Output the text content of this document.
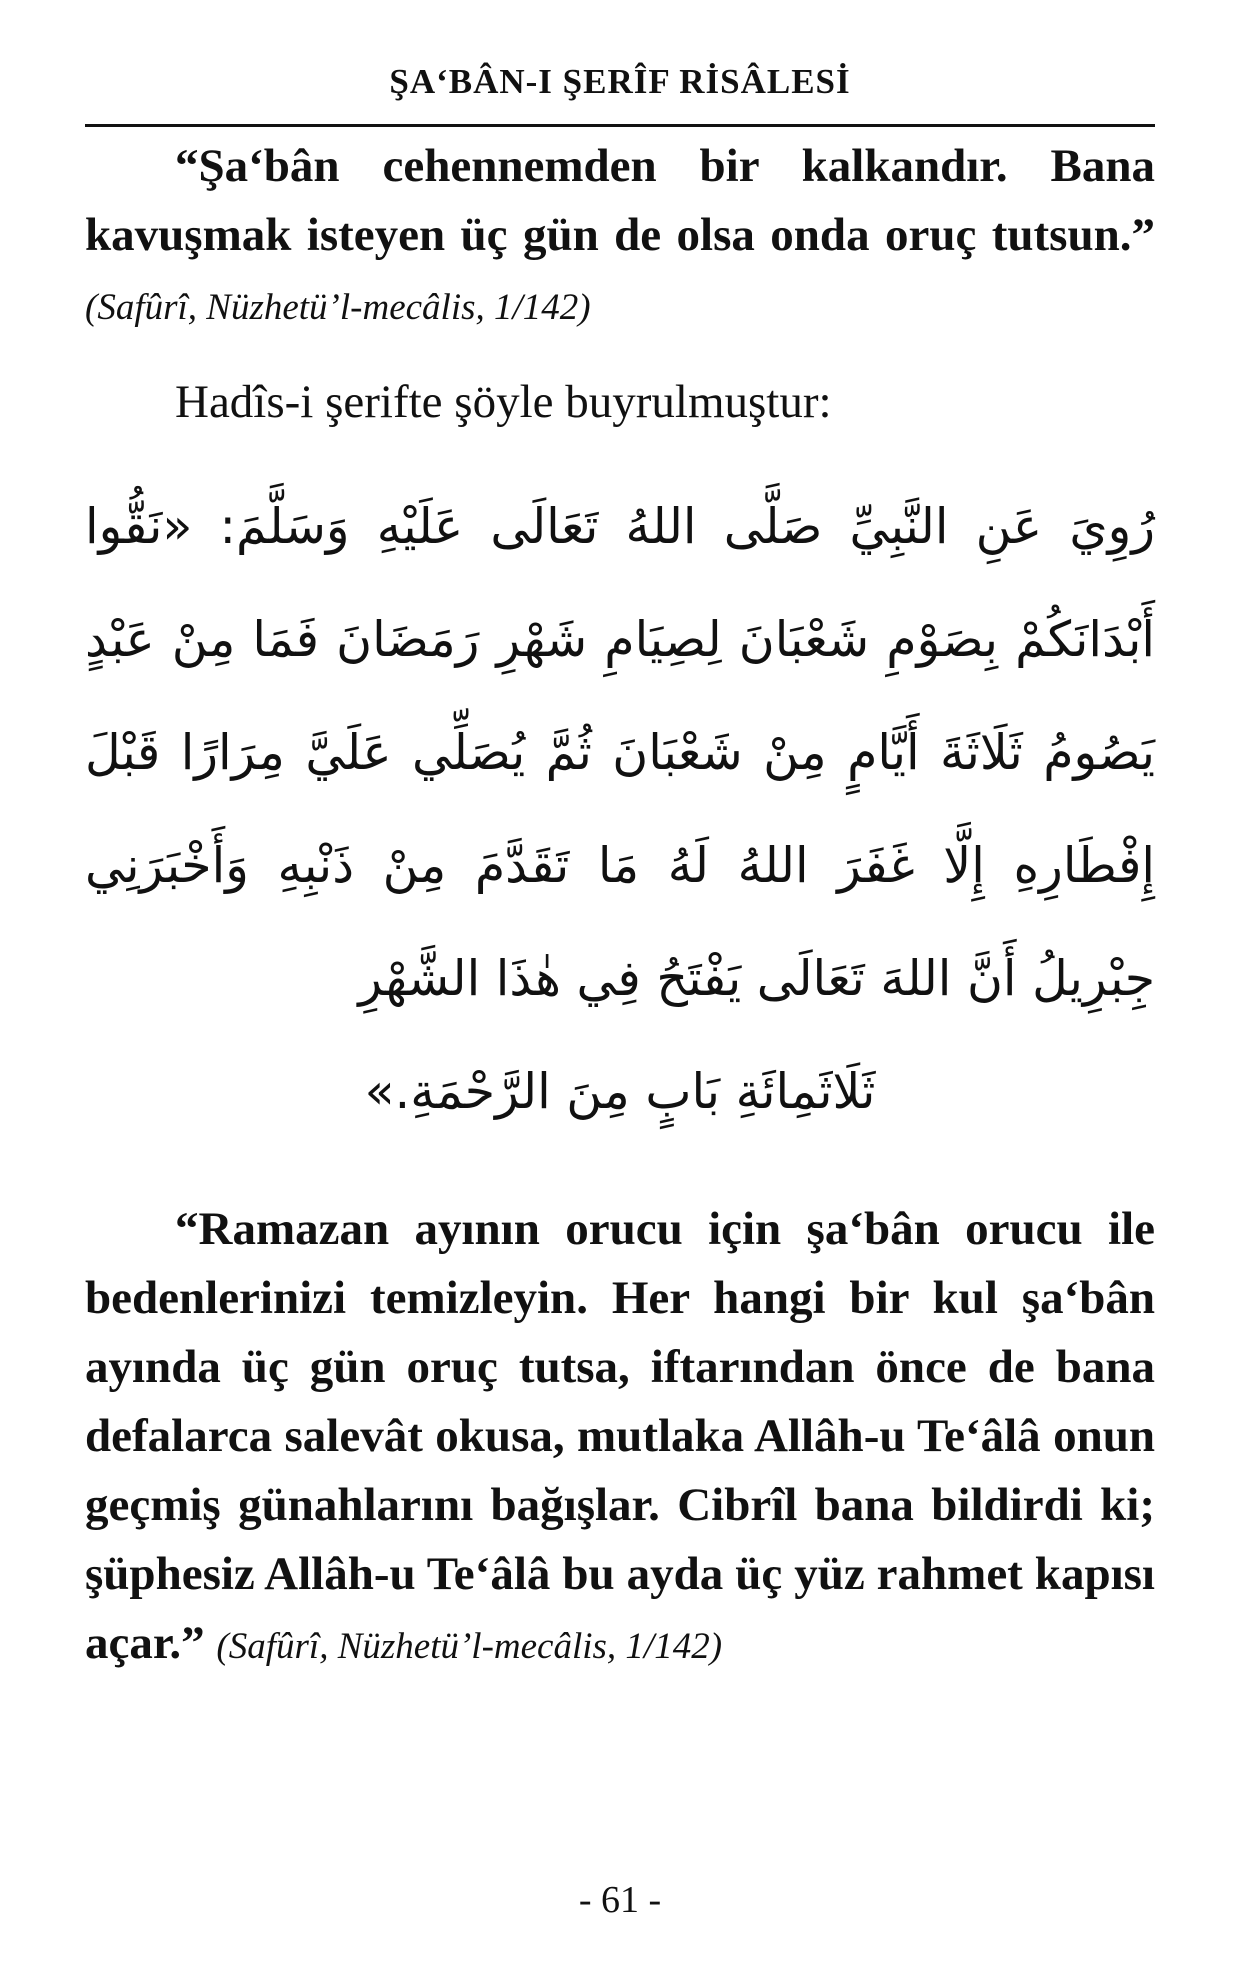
ŞA‘BÂN-I ŞERÎF RİSÂLESİ

“Şa‘bân cehennemden bir kalkandır. Bana kavuşmak isteyen üç gün de olsa onda oruç tutsun.” (Safûrî, Nüzhetü’l-mecâlis, 1/142)

Hadîs-i şerifte şöyle buyrulmuştur:
رُوِيَ عَنِ النَّبِيِّ صَلَّى اللهُ تَعَالَى عَلَيْهِ وَسَلَّمَ: «نَقُّوا أَبْدَانَكُمْ بِصَوْمِ شَعْبَانَ لِصِيَامِ شَهْرِ رَمَضَانَ فَمَا مِنْ عَبْدٍ يَصُومُ ثَلَاثَةَ أَيَّامٍ مِنْ شَعْبَانَ ثُمَّ يُصَلِّي عَلَيَّ مِرَارًا قَبْلَ إِفْطَارِهِ إِلَّا غَفَرَ اللهُ لَهُ مَا تَقَدَّمَ مِنْ ذَنْبِهِ وَأَخْبَرَنِي جِبْرِيلُ أَنَّ اللهَ تَعَالَى يَفْتَحُ فِي هٰذَا الشَّهْرِ
ثَلَاثَمِائَةِ بَابٍ مِنَ الرَّحْمَةِ.»

“Ramazan ayının orucu için şa‘bân orucu ile bedenlerinizi temizleyin. Her hangi bir kul şa‘bân ayında üç gün oruç tutsa, iftarından önce de bana defalarca salevât okusa, mutlaka Allâh-u Te‘âlâ onun geçmiş günahlarını bağışlar. Cibrîl bana bildirdi ki; şüphesiz Allâh-u Te‘âlâ bu ayda üç yüz rahmet kapısı açar.” (Safûrî, Nüzhetü’l-mecâlis, 1/142)

- 61 -
